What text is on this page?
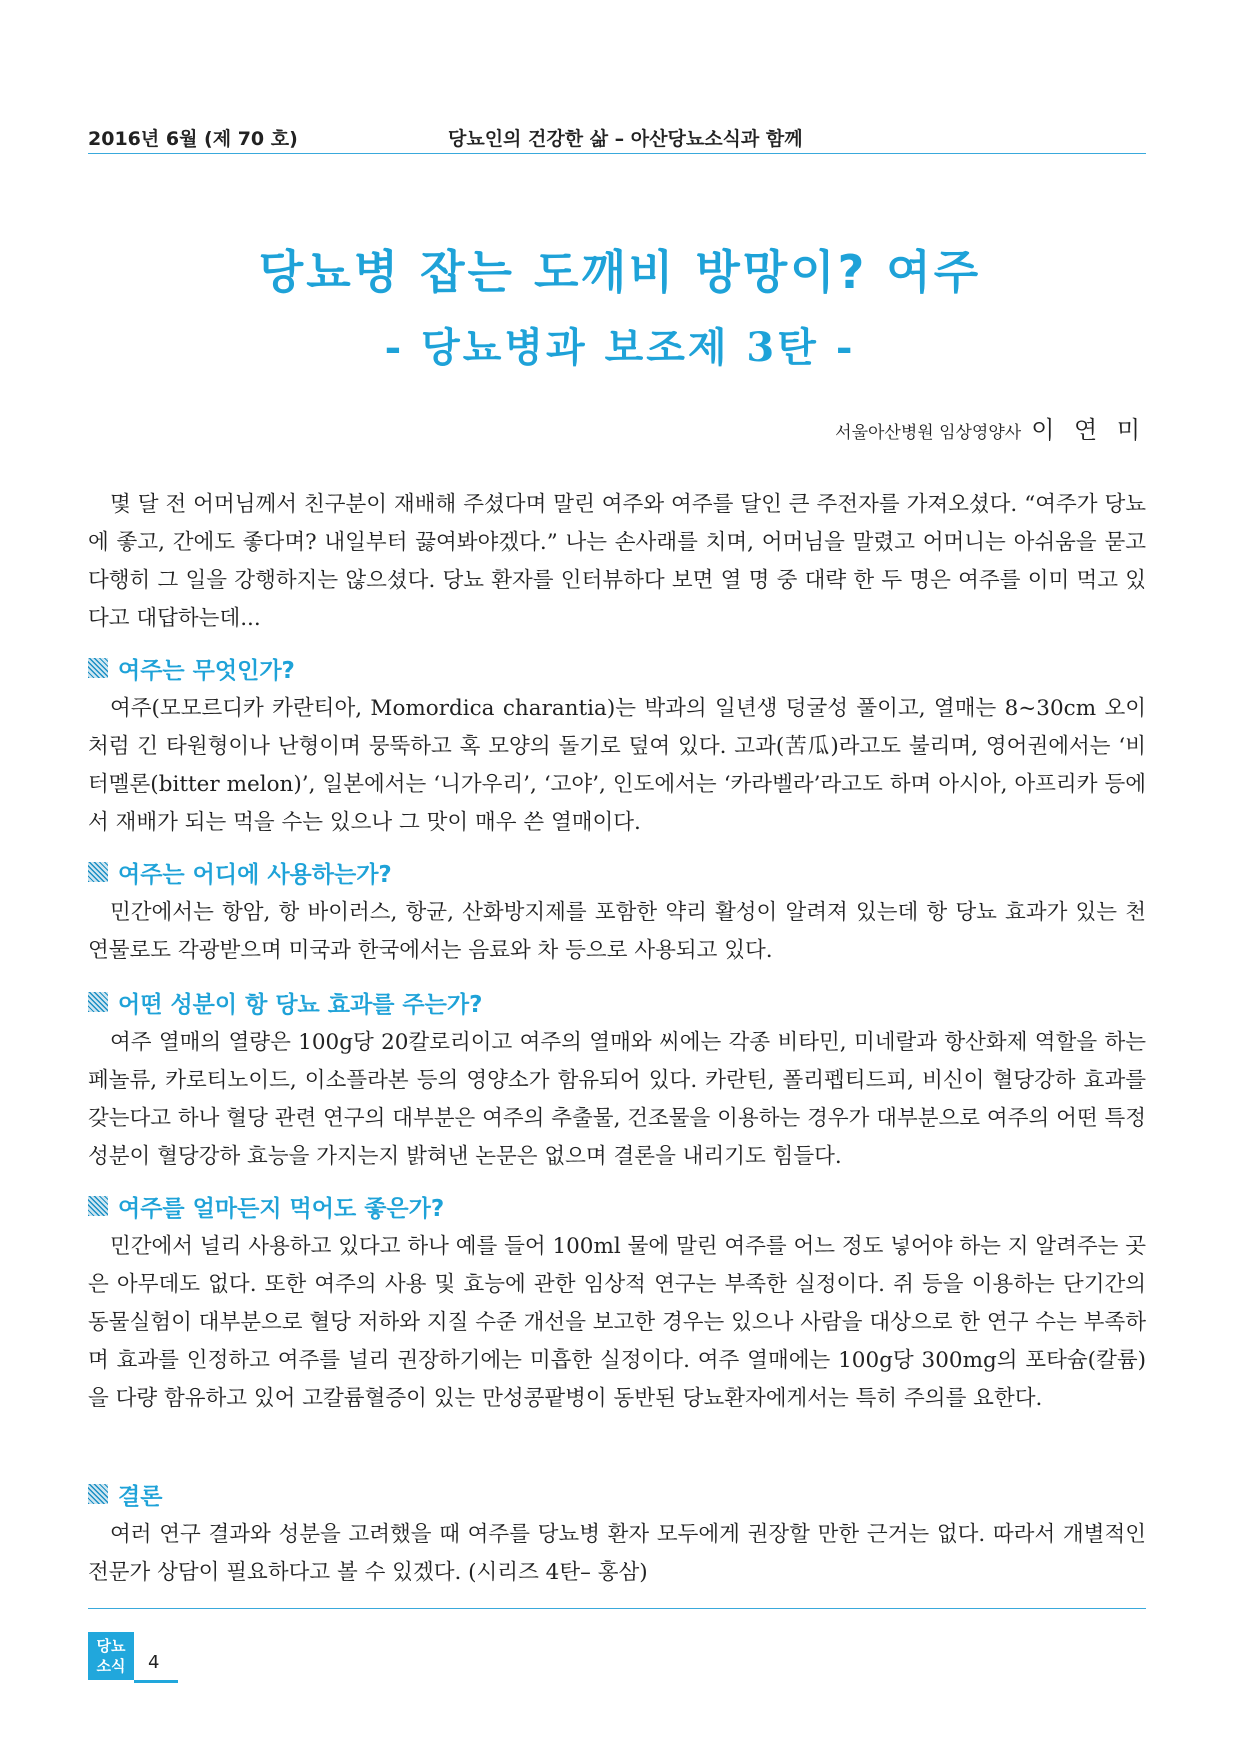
2016년 6월 (제 70 호)	당뇨인의 건강한 삶 – 아산당뇨소식과 함께
당뇨병 잡는 도깨비 방망이? 여주
- 당뇨병과 보조제 3탄 -
서울아산병원 임상영양사 이 연 미

몇 달 전 어머님께서 친구분이 재배해 주셨다며 말린 여주와 여주를 달인 큰 주전자를 가져오셨다. “여주가 당뇨에 좋고, 간에도 좋다며? 내일부터 끓여봐야겠다.” 나는 손사래를 치며, 어머님을 말렸고 어머니는 아쉬움을 묻고 다행히 그 일을 강행하지는 않으셨다. 당뇨 환자를 인터뷰하다 보면 열 명 중 대략 한 두 명은 여주를 이미 먹고 있다고 대답하는데...

여주는 무엇인가?

여주(모모르디카 카란티아, Momordica charantia)는 박과의 일년생 덩굴성 풀이고, 열매는 8~30cm 오이처럼 긴 타원형이나 난형이며 뭉뚝하고 혹 모양의 돌기로 덮여 있다. 고과(苦瓜)라고도 불리며, 영어권에서는 ‘비터멜론(bitter melon)’, 일본에서는 ‘니가우리’, ‘고야’, 인도에서는 ‘카라벨라’라고도 하며 아시아, 아프리카 등에서 재배가 되는 먹을 수는 있으나 그 맛이 매우 쓴 열매이다.

여주는 어디에 사용하는가?

민간에서는 항암, 항 바이러스, 항균, 산화방지제를 포함한 약리 활성이 알려져 있는데 항 당뇨 효과가 있는 천연물로도 각광받으며 미국과 한국에서는 음료와 차 등으로 사용되고 있다.

어떤 성분이 항 당뇨 효과를 주는가?

여주 열매의 열량은 100g당 20칼로리이고 여주의 열매와 씨에는 각종 비타민, 미네랄과 항산화제 역할을 하는 페놀류, 카로티노이드, 이소플라본 등의 영양소가 함유되어 있다. 카란틴, 폴리펩티드피, 비신이 혈당강하 효과를 갖는다고 하나 혈당 관련 연구의 대부분은 여주의 추출물, 건조물을 이용하는 경우가 대부분으로 여주의 어떤 특정 성분이 혈당강하 효능을 가지는지 밝혀낸 논문은 없으며 결론을 내리기도 힘들다.

여주를 얼마든지 먹어도 좋은가?

민간에서 널리 사용하고 있다고 하나 예를 들어 100ml 물에 말린 여주를 어느 정도 넣어야 하는 지 알려주는 곳은 아무데도 없다. 또한 여주의 사용 및 효능에 관한 임상적 연구는 부족한 실정이다. 쥐 등을 이용하는 단기간의 동물실험이 대부분으로 혈당 저하와 지질 수준 개선을 보고한 경우는 있으나 사람을 대상으로 한 연구 수는 부족하며 효과를 인정하고 여주를 널리 권장하기에는 미흡한 실정이다. 여주 열매에는 100g당 300mg의 포타슘(칼륨)을 다량 함유하고 있어 고칼륨혈증이 있는 만성콩팥병이 동반된 당뇨환자에게서는 특히 주의를 요한다.

결론

여러 연구 결과와 성분을 고려했을 때 여주를 당뇨병 환자 모두에게 권장할 만한 근거는 없다. 따라서 개별적인 전문가 상담이 필요하다고 볼 수 있겠다. (시리즈 4탄– 홍삼)

당뇨
소식	4
